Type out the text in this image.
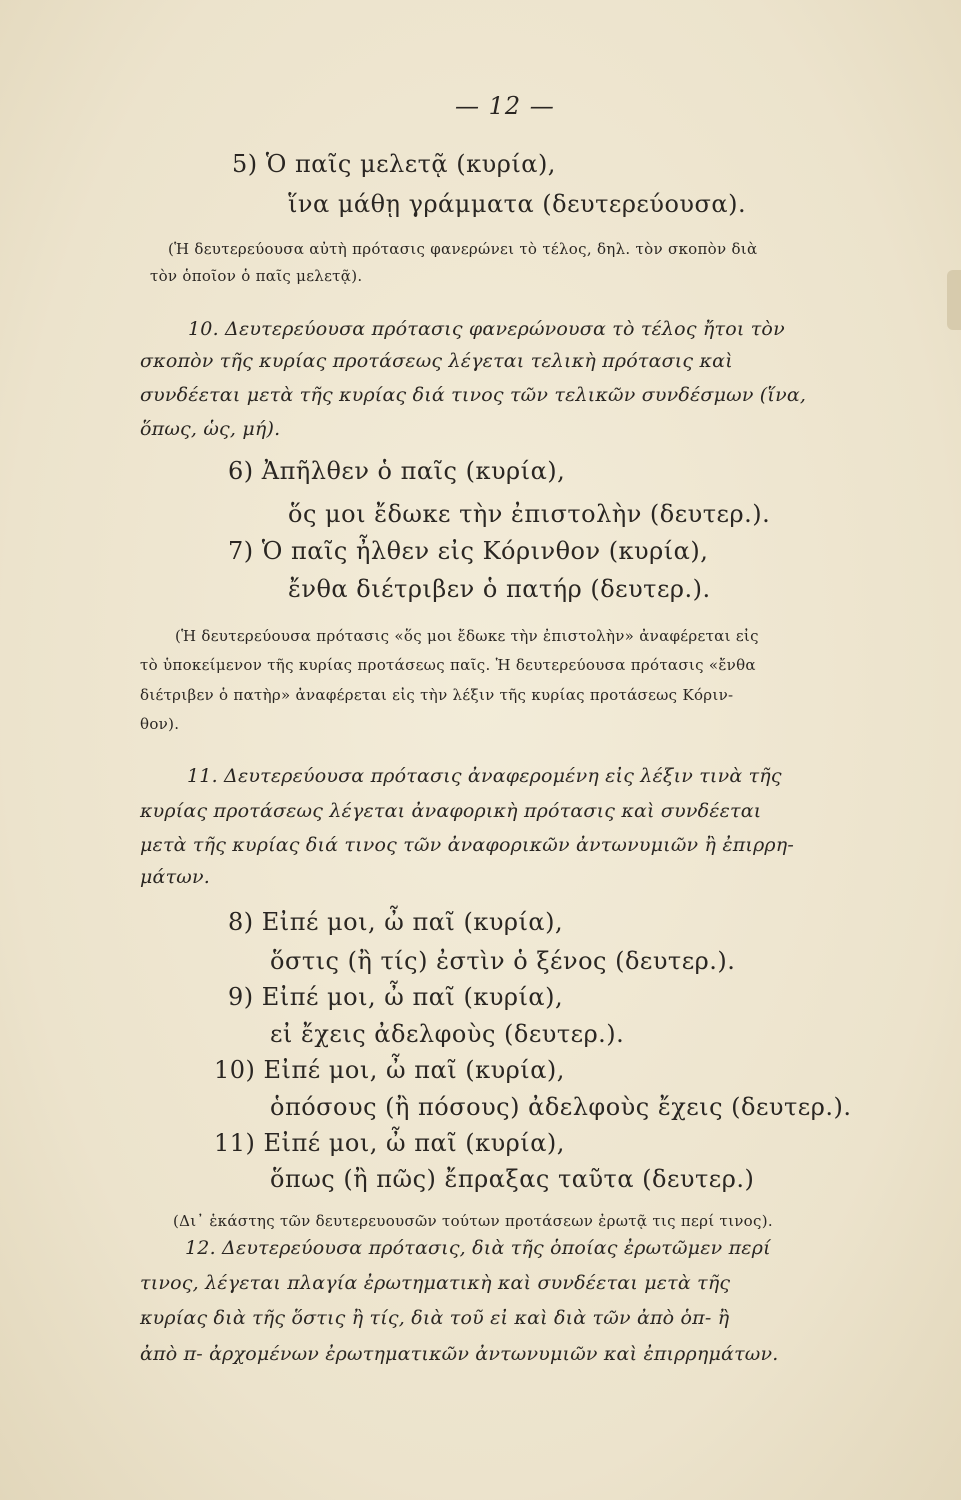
— 12 —
5) Ὁ παῖς μελετᾷ (κυρία),
ἵνα μάθῃ γράμματα (δευτερεύουσα).
(Ἡ δευτερεύουσα αὐτὴ πρότασις φανερώνει τὸ τέλος, δηλ. τὸν σκοπὸν διὰ
τὸν ὁποῖον ὁ παῖς μελετᾷ).
10. Δευτερεύουσα πρότασις φανερώνουσα τὸ τέλος ἤτοι τὸν
σκοπὸν τῆς κυρίας προτάσεως λέγεται τελικὴ πρότασις καὶ
συνδέεται μετὰ τῆς κυρίας διά τινος τῶν τελικῶν συνδέσμων (ἵνα,
ὅπως, ὡς, μή).
6) Ἀπῆλθεν ὁ παῖς (κυρία),
ὅς μοι ἔδωκε τὴν ἐπιστολὴν (δευτερ.).
7) Ὁ παῖς ἦλθεν εἰς Κόρινθον (κυρία),
ἔνθα διέτριβεν ὁ πατήρ (δευτερ.).
(Ἡ δευτερεύουσα πρότασις «ὅς μοι ἔδωκε τὴν ἐπιστολὴν» ἀναφέρεται εἰς
τὸ ὑποκείμενον τῆς κυρίας προτάσεως παῖς. Ἡ δευτερεύουσα πρότασις «ἔνθα
διέτριβεν ὁ πατὴρ» ἀναφέρεται εἰς τὴν λέξιν τῆς κυρίας προτάσεως Κόριν-
θον).
11. Δευτερεύουσα πρότασις ἀναφερομένη εἰς λέξιν τινὰ τῆς
κυρίας προτάσεως λέγεται ἀναφορικὴ πρότασις καὶ συνδέεται
μετὰ τῆς κυρίας διά τινος τῶν ἀναφορικῶν ἀντωνυμιῶν ἢ ἐπιρρη-
μάτων.
8) Εἰπέ μοι, ὦ παῖ (κυρία),
ὅστις (ἢ τίς) ἐστὶν ὁ ξένος (δευτερ.).
9) Εἰπέ μοι, ὦ παῖ (κυρία),
εἰ ἔχεις ἀδελφοὺς (δευτερ.).
10) Εἰπέ μοι, ὦ παῖ (κυρία),
ὁπόσους (ἢ πόσους) ἀδελφοὺς ἔχεις (δευτερ.).
11) Εἰπέ μοι, ὦ παῖ (κυρία),
ὅπως (ἢ πῶς) ἔπραξας ταῦτα (δευτερ.)
(Δι᾿ ἑκάστης τῶν δευτερευουσῶν τούτων προτάσεων ἐρωτᾷ τις περί τινος).
12. Δευτερεύουσα πρότασις, διὰ τῆς ὁποίας ἐρωτῶμεν περί
τινος, λέγεται πλαγία ἐρωτηματικὴ καὶ συνδέεται μετὰ τῆς
κυρίας διὰ τῆς ὅστις ἢ τίς, διὰ τοῦ εἰ καὶ διὰ τῶν ἀπὸ ὁπ- ἢ
ἀπὸ π- ἀρχομένων ἐρωτηματικῶν ἀντωνυμιῶν καὶ ἐπιρρημάτων.
